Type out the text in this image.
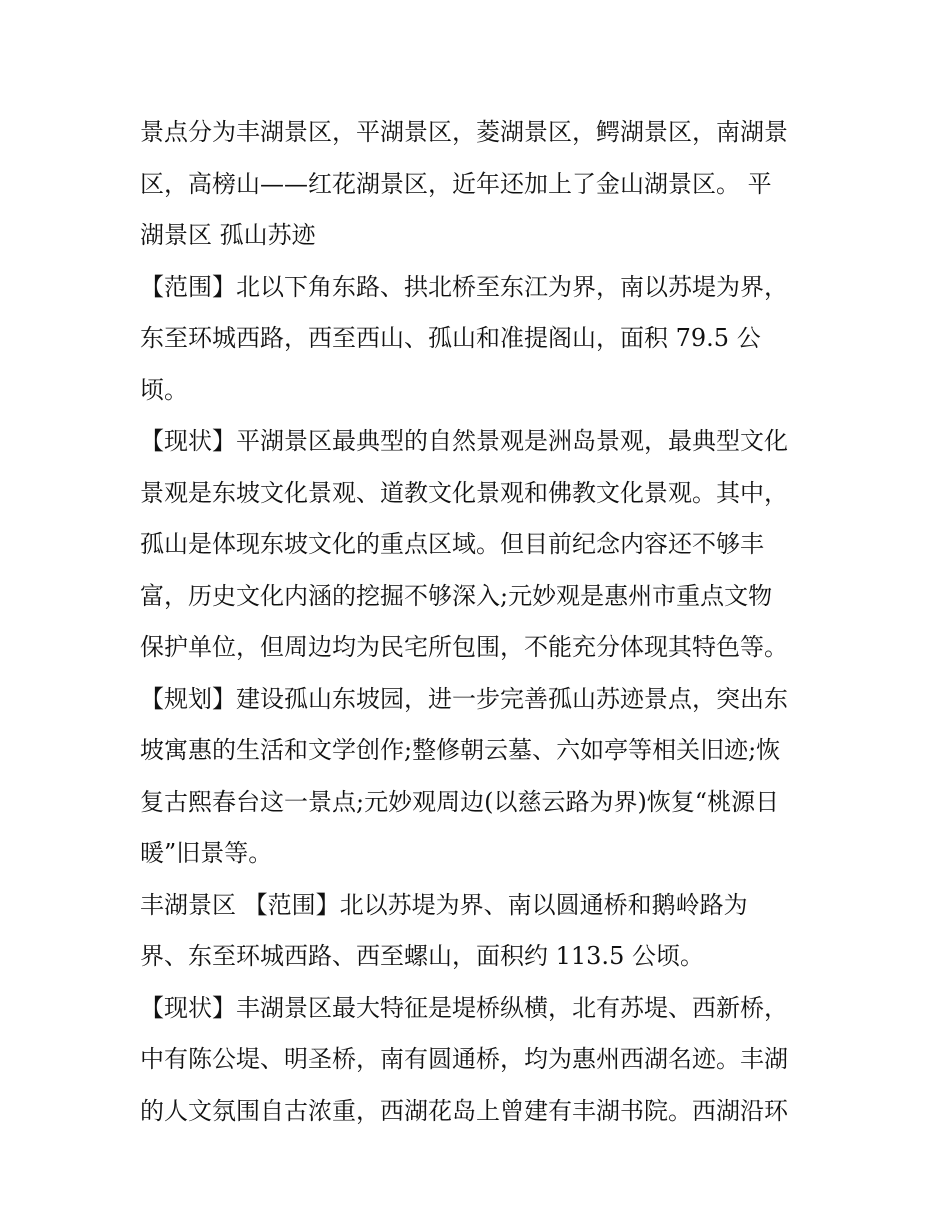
景点分为丰湖景区，平湖景区，菱湖景区，鳄湖景区，南湖景
区，高榜山——红花湖景区，近年还加上了金山湖景区。 平
湖景区 孤山苏迹
【范围】北以下角东路、拱北桥至东江为界，南以苏堤为界，
东至环城西路，西至西山、孤山和准提阁山，面积 79.5 公
顷。
【现状】平湖景区最典型的自然景观是洲岛景观，最典型文化
景观是东坡文化景观、道教文化景观和佛教文化景观。其中，
孤山是体现东坡文化的重点区域。但目前纪念内容还不够丰
富，历史文化内涵的挖掘不够深入;元妙观是惠州市重点文物
保护单位，但周边均为民宅所包围，不能充分体现其特色等。
【规划】建设孤山东坡园，进一步完善孤山苏迹景点，突出东
坡寓惠的生活和文学创作;整修朝云墓、六如亭等相关旧迹;恢
复古熙春台这一景点;元妙观周边(以慈云路为界)恢复“桃源日
暖”旧景等。
丰湖景区 【范围】北以苏堤为界、南以圆通桥和鹅岭路为
界、东至环城西路、西至螺山，面积约 113.5 公顷。
【现状】丰湖景区最大特征是堤桥纵横，北有苏堤、西新桥，
中有陈公堤、明圣桥，南有圆通桥，均为惠州西湖名迹。丰湖
的人文氛围自古浓重，西湖花岛上曾建有丰湖书院。西湖沿环
